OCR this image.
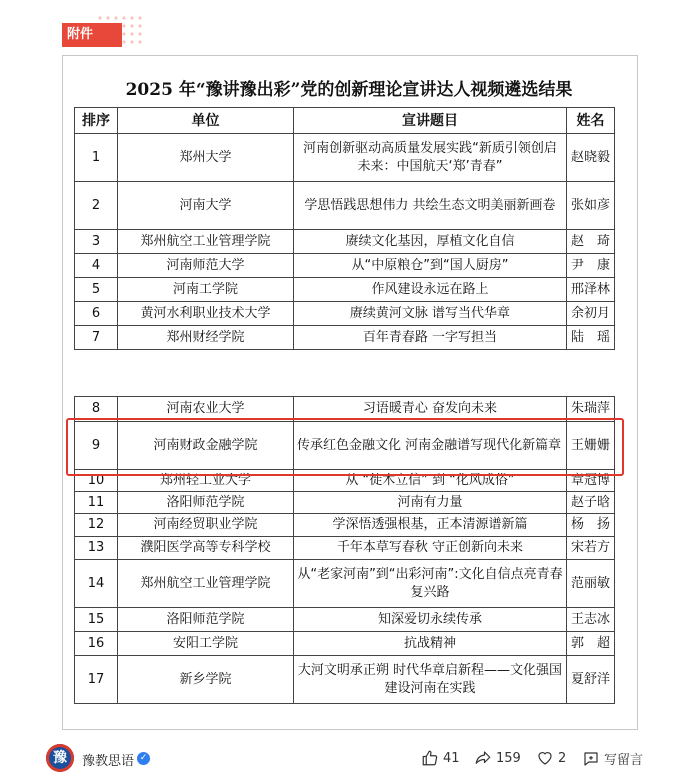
附件
2025 年“豫讲豫出彩”党的创新理论宣讲达人视频遴选结果
排序	单位	宣讲题目	姓名
1	郑州大学	河南创新驱动高质量发展实践“新质引领创启未来：中国航天‘郑’青春”	赵晓毅
2	河南大学	学思悟践思想伟力 共绘生态文明美丽新画卷	张如彦
3	郑州航空工业管理学院	赓续文化基因，厚植文化自信	赵　琦
4	河南师范大学	从“中原粮仓”到“国人厨房”	尹　康
5	河南工学院	作风建设永远在路上	邢泽林
6	黄河水利职业技术大学	赓续黄河文脉 谱写当代华章	余初月
7	郑州财经学院	百年青春路 一字写担当	陆　瑶
8	河南农业大学	习语暖青心 奋发向未来	朱瑞萍
9	河南财政金融学院	传承红色金融文化 河南金融谱写现代化新篇章	王姗姗
10	郑州轻工业大学	从 “徙木立信” 到 “化风成俗”	章冠博
11	洛阳师范学院	河南有力量	赵子晗
12	河南经贸职业学院	学深悟透强根基，正本清源谱新篇	杨　扬
13	濮阳医学高等专科学校	千年本草写春秋 守正创新向未来	宋若方
14	郑州航空工业管理学院	从“老家河南”到“出彩河南”:文化自信点亮青春复兴路	范丽敏
15	洛阳师范学院	知深爱切永续传承	王志冰
16	安阳工学院	抗战精神	郭　超
17	新乡学院	大河文明承正朔 时代华章启新程——文化强国建设河南在实践	夏舒洋
豫	豫教思语 ✓	41	159	2	写留言
